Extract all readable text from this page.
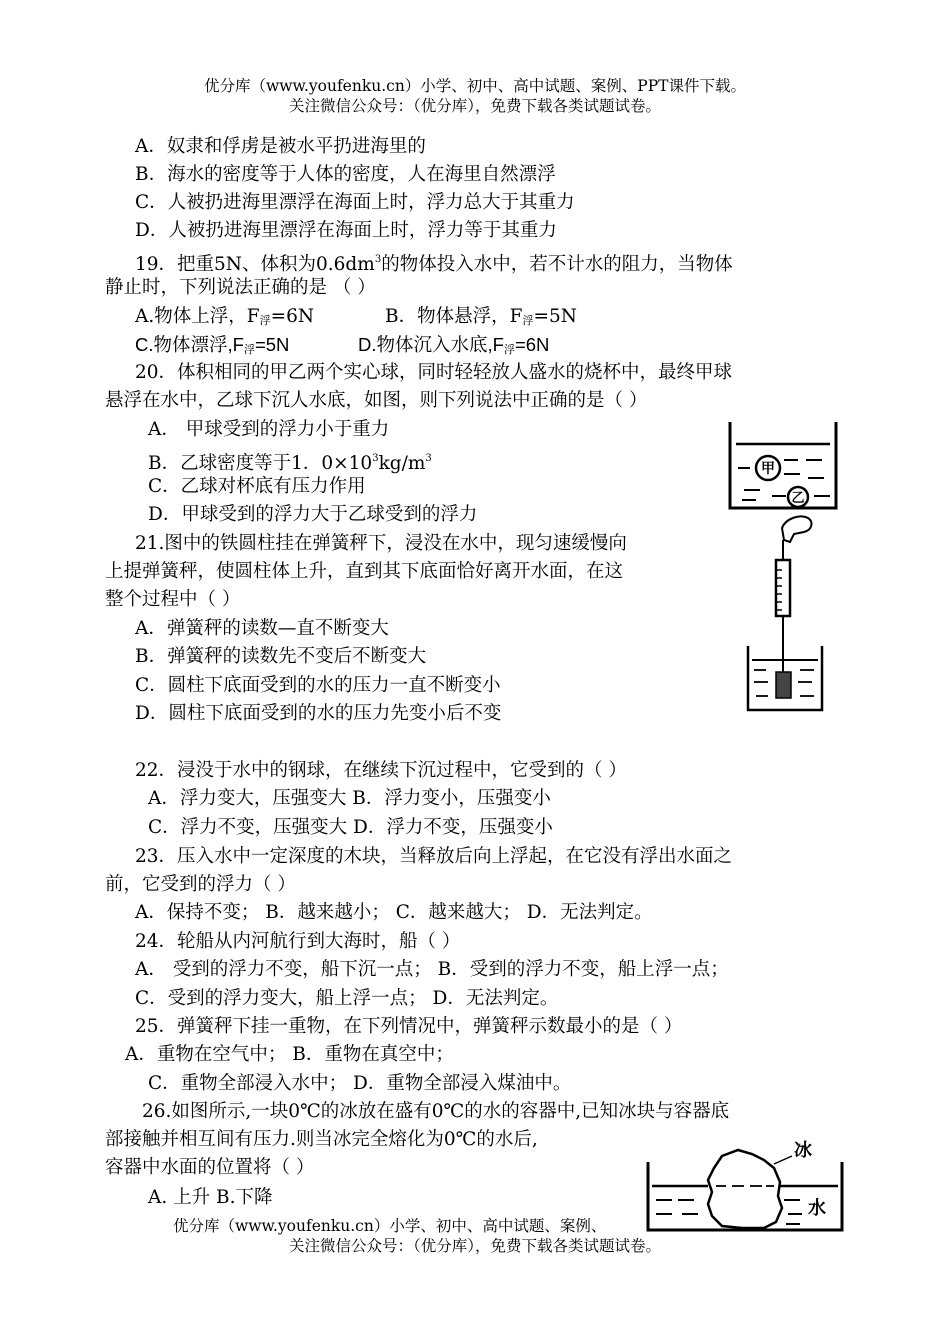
优分库（www.youfenku.cn）小学、初中、高中试题、案例、PPT课件下载。
关注微信公众号：（优分库），免费下载各类试题试卷。
A．奴隶和俘虏是被水平扔进海里的
B．海水的密度等于人体的密度，人在海里自然漂浮
C．人被扔进海里漂浮在海面上时，浮力总大于其重力
D．人被扔进海里漂浮在海面上时，浮力等于其重力
19．把重5N、体积为$0.6dm^3$的物体投入水中，若不计水的阻力，当物体
静止时，下列说法正确的是 （ ）
A.物体上浮，F浮=6N	B．物体悬浮，F浮=5N
C.物体漂浮,F浮=5N	D.物体沉入水底,F浮=6N
20．体积相同的甲乙两个实心球，同时轻轻放人盛水的烧杯中，最终甲球
悬浮在水中，乙球下沉人水底，如图，则下列说法中正确的是（ ）
A． 甲球受到的浮力小于重力
B．乙球密度等于1．$0\times 10^3kg/m^3$
C．乙球对杯底有压力作用
D．甲球受到的浮力大于乙球受到的浮力
甲
乙
21.图中的铁圆柱挂在弹簧秤下，浸没在水中，现匀速缓慢向
上提弹簧秤，使圆柱体上升，直到其下底面恰好离开水面，在这
整个过程中（ ）
A．弹簧秤的读数—直不断变大
B．弹簧秤的读数先不变后不断变大
C．圆柱下底面受到的水的压力一直不断变小
D．圆柱下底面受到的水的压力先变小后不变
22．浸没于水中的钢球，在继续下沉过程中，它受到的（ ）
A．浮力变大，压强变大 B．浮力变小，压强变小
C．浮力不变，压强变大 D．浮力不变，压强变小
23．压入水中一定深度的木块，当释放后向上浮起，在它没有浮出水面之
前，它受到的浮力（ ）
A．保持不变； B．越来越小； C．越来越大； D．无法判定。
24．轮船从内河航行到大海时，船（ ）
A． 受到的浮力不变，船下沉一点； B．受到的浮力不变，船上浮一点；
C．受到的浮力变大，船上浮一点； D．无法判定。
25．弹簧秤下挂一重物，在下列情况中，弹簧秤示数最小的是（ ）
A．重物在空气中； B．重物在真空中；
C．重物全部浸入水中； D．重物全部浸入煤油中。
26.如图所示,一块0℃的冰放在盛有0℃的水的容器中,已知冰块与容器底
部接触并相互间有压力.则当冰完全熔化为0℃的水后,
容器中水面的位置将（ ）
A. 上升 B.下降
冰
水
优分库（www.youfenku.cn）小学、初中、高中试题、案例、
关注微信公众号：（优分库），免费下载各类试题试卷。
